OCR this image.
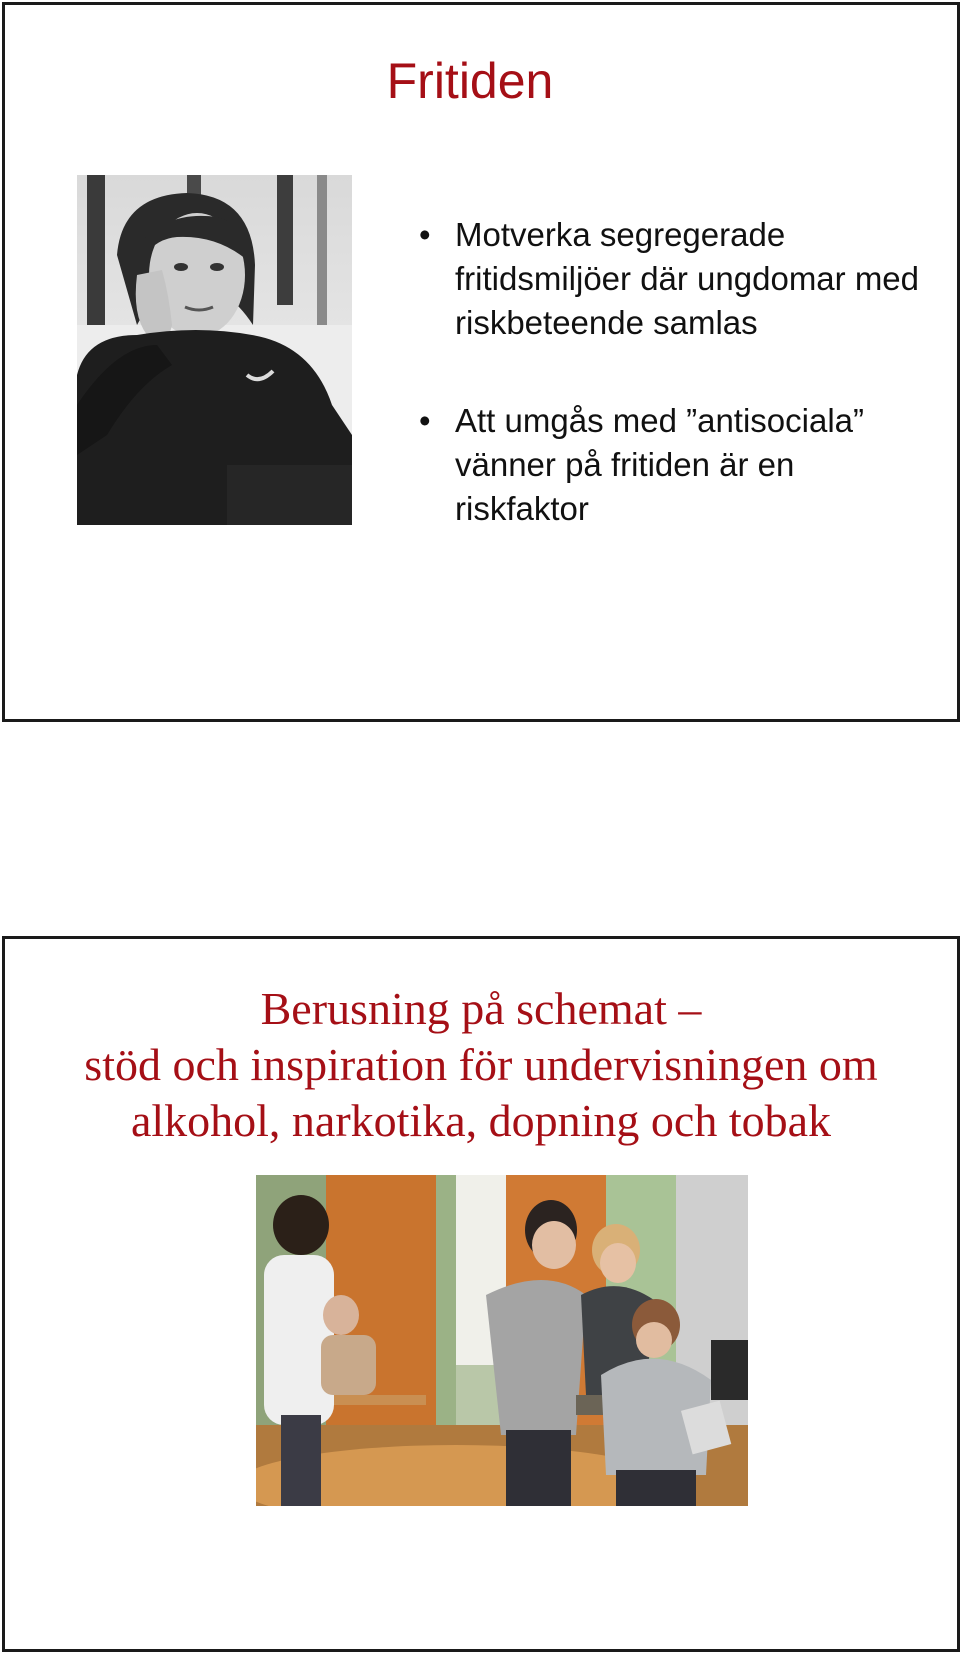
Fritiden
• Motverka segregerade fritidsmiljöer där ungdomar med riskbeteende samlas
• Att umgås med ”antisociala” vänner på fritiden är en riskfaktor
Berusning på schemat –
stöd och inspiration för undervisningen om
alkohol, narkotika, dopning och tobak
